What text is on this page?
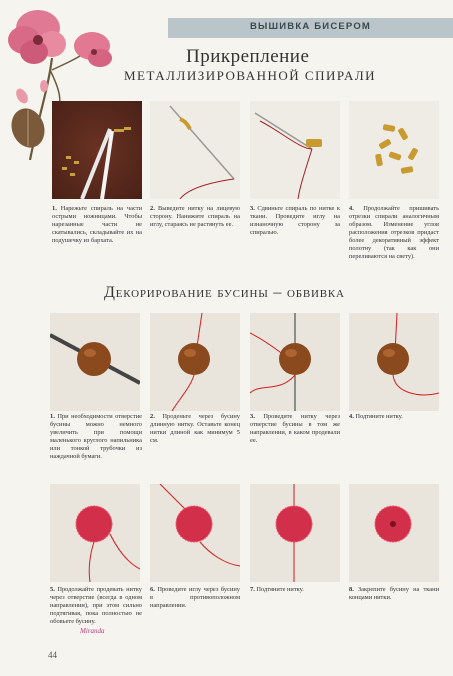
ВЫШИВКА БИСЕРОМ
Прикрепление
МЕТАЛЛИЗИРОВАННОЙ СПИРАЛИ
1. Нарежьте спираль на части острыми ножницами. Чтобы нарезанные части не скатывались, складывайте их на подушечку из бархата.
2. Выведите нитку на лицевую сторону. Нанижите спираль на иглу, стараясь не растянуть ее.
3. Сдвиньте спираль по нитке к ткани. Проведите иглу на изнаночную сторону за спиралью.
4. Продолжайте пришивать отрезки спирали аналогичным образом. Изменение углов расположения отрезков придаст более декоративный эффект полотну (так как они переливаются на свету).
Декорирование бусины – обвивка
1. При необходимости отверстие бусины можно немного увеличить при помощи маленького круглого напильника или тонкой трубочки из наждачной бумаги.
2. Проденьте через бусину длинную нитку. Оставьте конец нитки длиной как минимум 5 см.
3. Проведите нитку через отверстие бусины в том же направлении, в каком продевали ее.
4. Подтяните нитку.
5. Продолжайте продевать нитку через отверстие (всегда в одном направлении), при этом сильно подтягивая, пока полностью не обовьете бусину.
6. Проведите иглу через бусину в противоположном направлении.
7. Подтяните нитку.	8. Закрепите бусину на ткани концами нитки.
Miranda
44
